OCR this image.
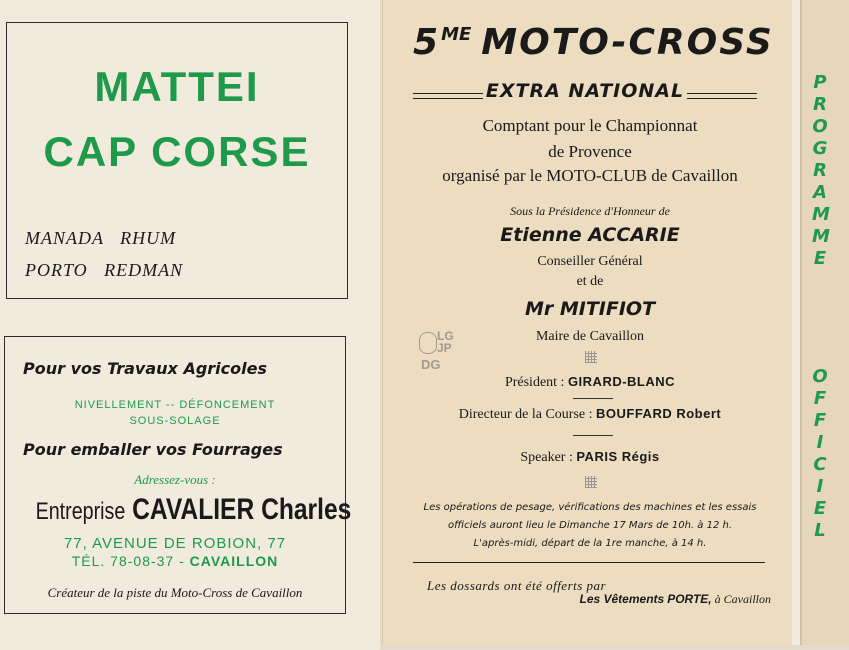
MATTEI
CAP CORSE
MANADA   RHUM
PORTO   REDMAN
Pour vos Travaux Agricoles
NIVELLEMENT -- DÉFONCEMENT
SOUS-SOLAGE
Pour emballer vos Fourrages
Adressez-vous :
Entreprise CAVALIER Charles
77, AVENUE DE ROBION, 77
TÉL. 78-08-37 - CAVAILLON
Créateur de la piste du Moto-Cross de Cavaillon
$5^{ME}$ MOTO-CROSS
EXTRA NATIONAL
Comptant pour le Championnat
de Provence
organisé par le MOTO-CLUB de Cavaillon
Sous la Présidence d'Honneur de
Etienne ACCARIE
Conseiller Général
et de
Mr MITIFIOT
Maire de Cavaillon
LG
JP
DG
Président : GIRARD-BLANC
Directeur de la Course : BOUFFARD Robert
Speaker : PARIS Régis
Les opérations de pesage, vérifications des machines et les essais
officiels auront lieu le Dimanche 17 Mars de 10h. à 12 h.
L'après-midi, départ de la 1re manche, à 14 h.
Les dossards ont été offerts par
Les Vêtements PORTE, à Cavaillon
P
R
O
G
R
A
M
M
E
O
F
F
I
C
I
E
L
